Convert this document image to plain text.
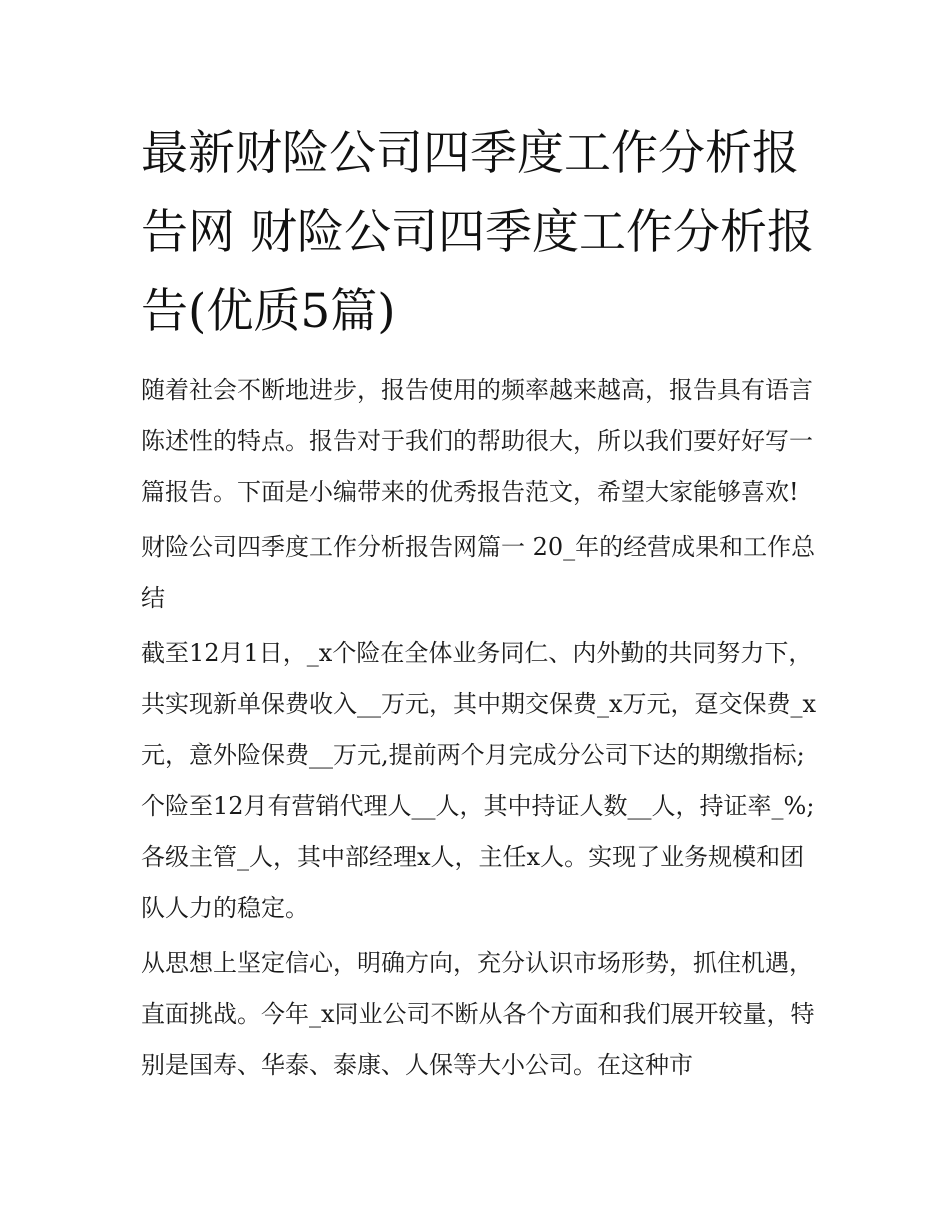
最新财险公司四季度工作分析报告网 财险公司四季度工作分析报告(优质5篇)

随着社会不断地进步，报告使用的频率越来越高，报告具有语言陈述性的特点。报告对于我们的帮助很大，所以我们要好好写一篇报告。下面是小编带来的优秀报告范文，希望大家能够喜欢!

财险公司四季度工作分析报告网篇一 20_年的经营成果和工作总结

截至12月1日，_x个险在全体业务同仁、内外勤的共同努力下，共实现新单保费收入__万元，其中期交保费_x万元，趸交保费_x元，意外险保费__万元,提前两个月完成分公司下达的期缴指标;个险至12月有营销代理人__人，其中持证人数__人，持证率_%;各级主管_人，其中部经理x人，主任x人。实现了业务规模和团队人力的稳定。

从思想上坚定信心，明确方向，充分认识市场形势，抓住机遇，直面挑战。今年_x同业公司不断从各个方面和我们展开较量，特别是国寿、华泰、泰康、人保等大小公司。在这种市
